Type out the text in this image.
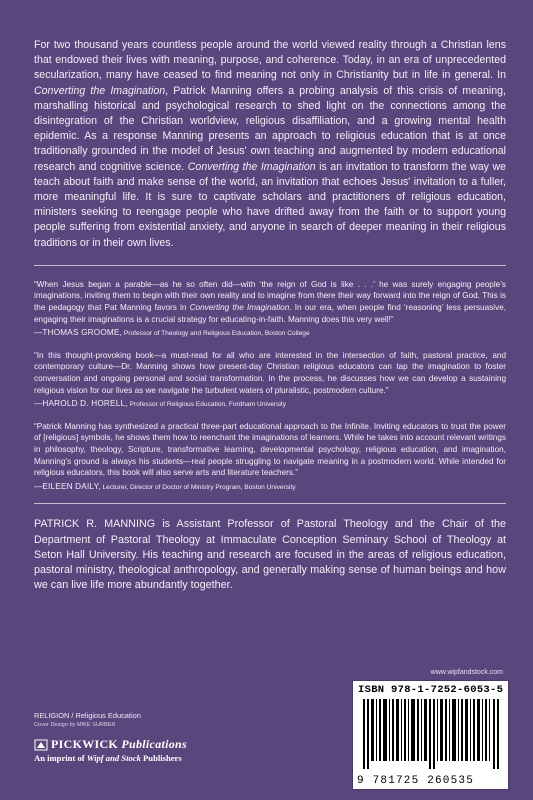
For two thousand years countless people around the world viewed reality through a Christian lens that endowed their lives with meaning, purpose, and coherence. Today, in an era of unprecedented secularization, many have ceased to find meaning not only in Christianity but in life in general. In Converting the Imagination, Patrick Manning offers a probing analysis of this crisis of meaning, marshalling historical and psychological research to shed light on the connections among the disintegration of the Christian worldview, religious disaffiliation, and a growing mental health epidemic. As a response Manning presents an approach to religious education that is at once traditionally grounded in the model of Jesus' own teaching and augmented by modern educational research and cognitive science. Converting the Imagination is an invitation to transform the way we teach about faith and make sense of the world, an invitation that echoes Jesus' invitation to a fuller, more meaningful life. It is sure to captivate scholars and practitioners of religious education, ministers seeking to reengage people who have drifted away from the faith or to support young people suffering from existential anxiety, and anyone in search of deeper meaning in their religious traditions or in their own lives.

“When Jesus began a parable—as he so often did—with ‘the reign of God is like . . .’ he was surely engaging people’s imaginations, inviting them to begin with their own reality and to imagine from there their way forward into the reign of God. This is the pedagogy that Pat Manning favors in Converting the Imagination. In our era, when people find ‘reasoning’ less persuasive, engaging their imaginations is a crucial strategy for educating-in-faith. Manning does this very well!”

—THOMAS GROOME, Professor of Theology and Religious Education, Boston College

“In this thought-provoking book—a must-read for all who are interested in the intersection of faith, pastoral practice, and contemporary culture—Dr. Manning shows how present-day Christian religious educators can tap the imagination to foster conversation and ongoing personal and social transformation. In the process, he discusses how we can develop a sustaining religious vision for our lives as we navigate the turbulent waters of pluralistic, postmodern culture.”

—HAROLD D. HORELL, Professor of Religious Education, Fordham University

“Patrick Manning has synthesized a practical three-part educational approach to the Infinite. Inviting educators to trust the power of [religious] symbols, he shows them how to reenchant the imaginations of learners. While he takes into account relevant writings in philosophy, theology, Scripture, transformative learning, developmental psychology, religious education, and imagination, Manning’s ground is always his students—real people struggling to navigate meaning in a postmodern world. While intended for religious educators, this book will also serve arts and literature teachers.”

—EILEEN DAILY, Lecturer, Director of Doctor of Ministry Program, Boston University

PATRICK R. MANNING is Assistant Professor of Pastoral Theology and the Chair of the Department of Pastoral Theology at Immaculate Conception Seminary School of Theology at Seton Hall University. His teaching and research are focused in the areas of religious education, pastoral ministry, theological anthropology, and generally making sense of human beings and how we can live life more abundantly together.

www.wipfandstock.com
ISBN 978-1-7252-6053-5
9 781725 260535
RELIGION / Religious Education
Cover Design by MIKE SURBER
PICKWICK Publications
An imprint of Wipf and Stock Publishers
